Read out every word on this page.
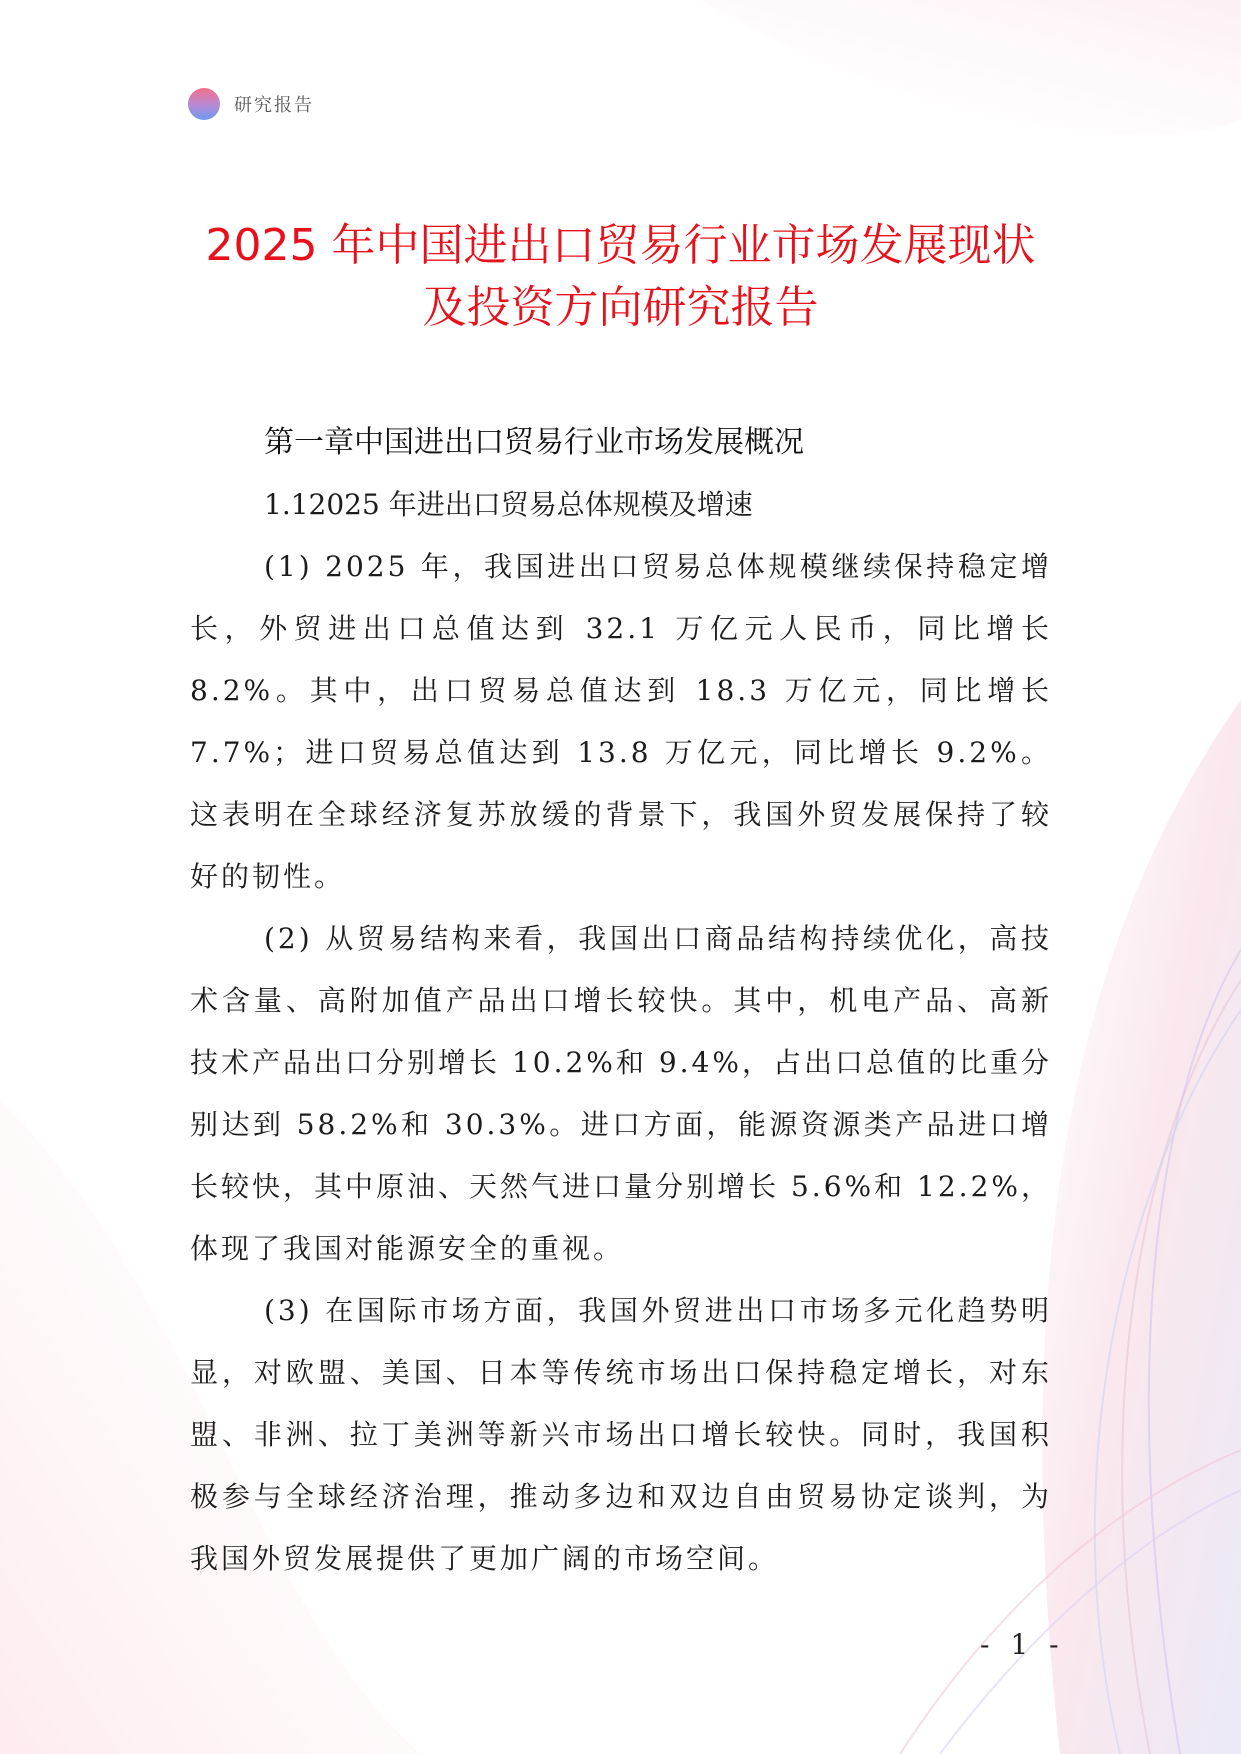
研究报告
2025 年中国进出口贸易行业市场发展现状
及投资方向研究报告
第一章中国进出口贸易行业市场发展概况
1.12025 年进出口贸易总体规模及增速

(1) 2025 年，我国进出口贸易总体规模继续保持稳定增长，外贸进出口总值达到 32.1 万亿元人民币，同比增长 8.2%。其中，出口贸易总值达到 18.3 万亿元，同比增长 7.7%；进口贸易总值达到 13.8 万亿元，同比增长 9.2%。这表明在全球经济复苏放缓的背景下，我国外贸发展保持了较好的韧性。

(2) 从贸易结构来看，我国出口商品结构持续优化，高技术含量、高附加值产品出口增长较快。其中，机电产品、高新技术产品出口分别增长 10.2%和 9.4%，占出口总值的比重分别达到 58.2%和 30.3%。进口方面，能源资源类产品进口增长较快，其中原油、天然气进口量分别增长 5.6%和 12.2%，体现了我国对能源安全的重视。

(3) 在国际市场方面，我国外贸进出口市场多元化趋势明显，对欧盟、美国、日本等传统市场出口保持稳定增长，对东盟、非洲、拉丁美洲等新兴市场出口增长较快。同时，我国积极参与全球经济治理，推动多边和双边自由贸易协定谈判，为我国外贸发展提供了更加广阔的市场空间。

- 1 -
